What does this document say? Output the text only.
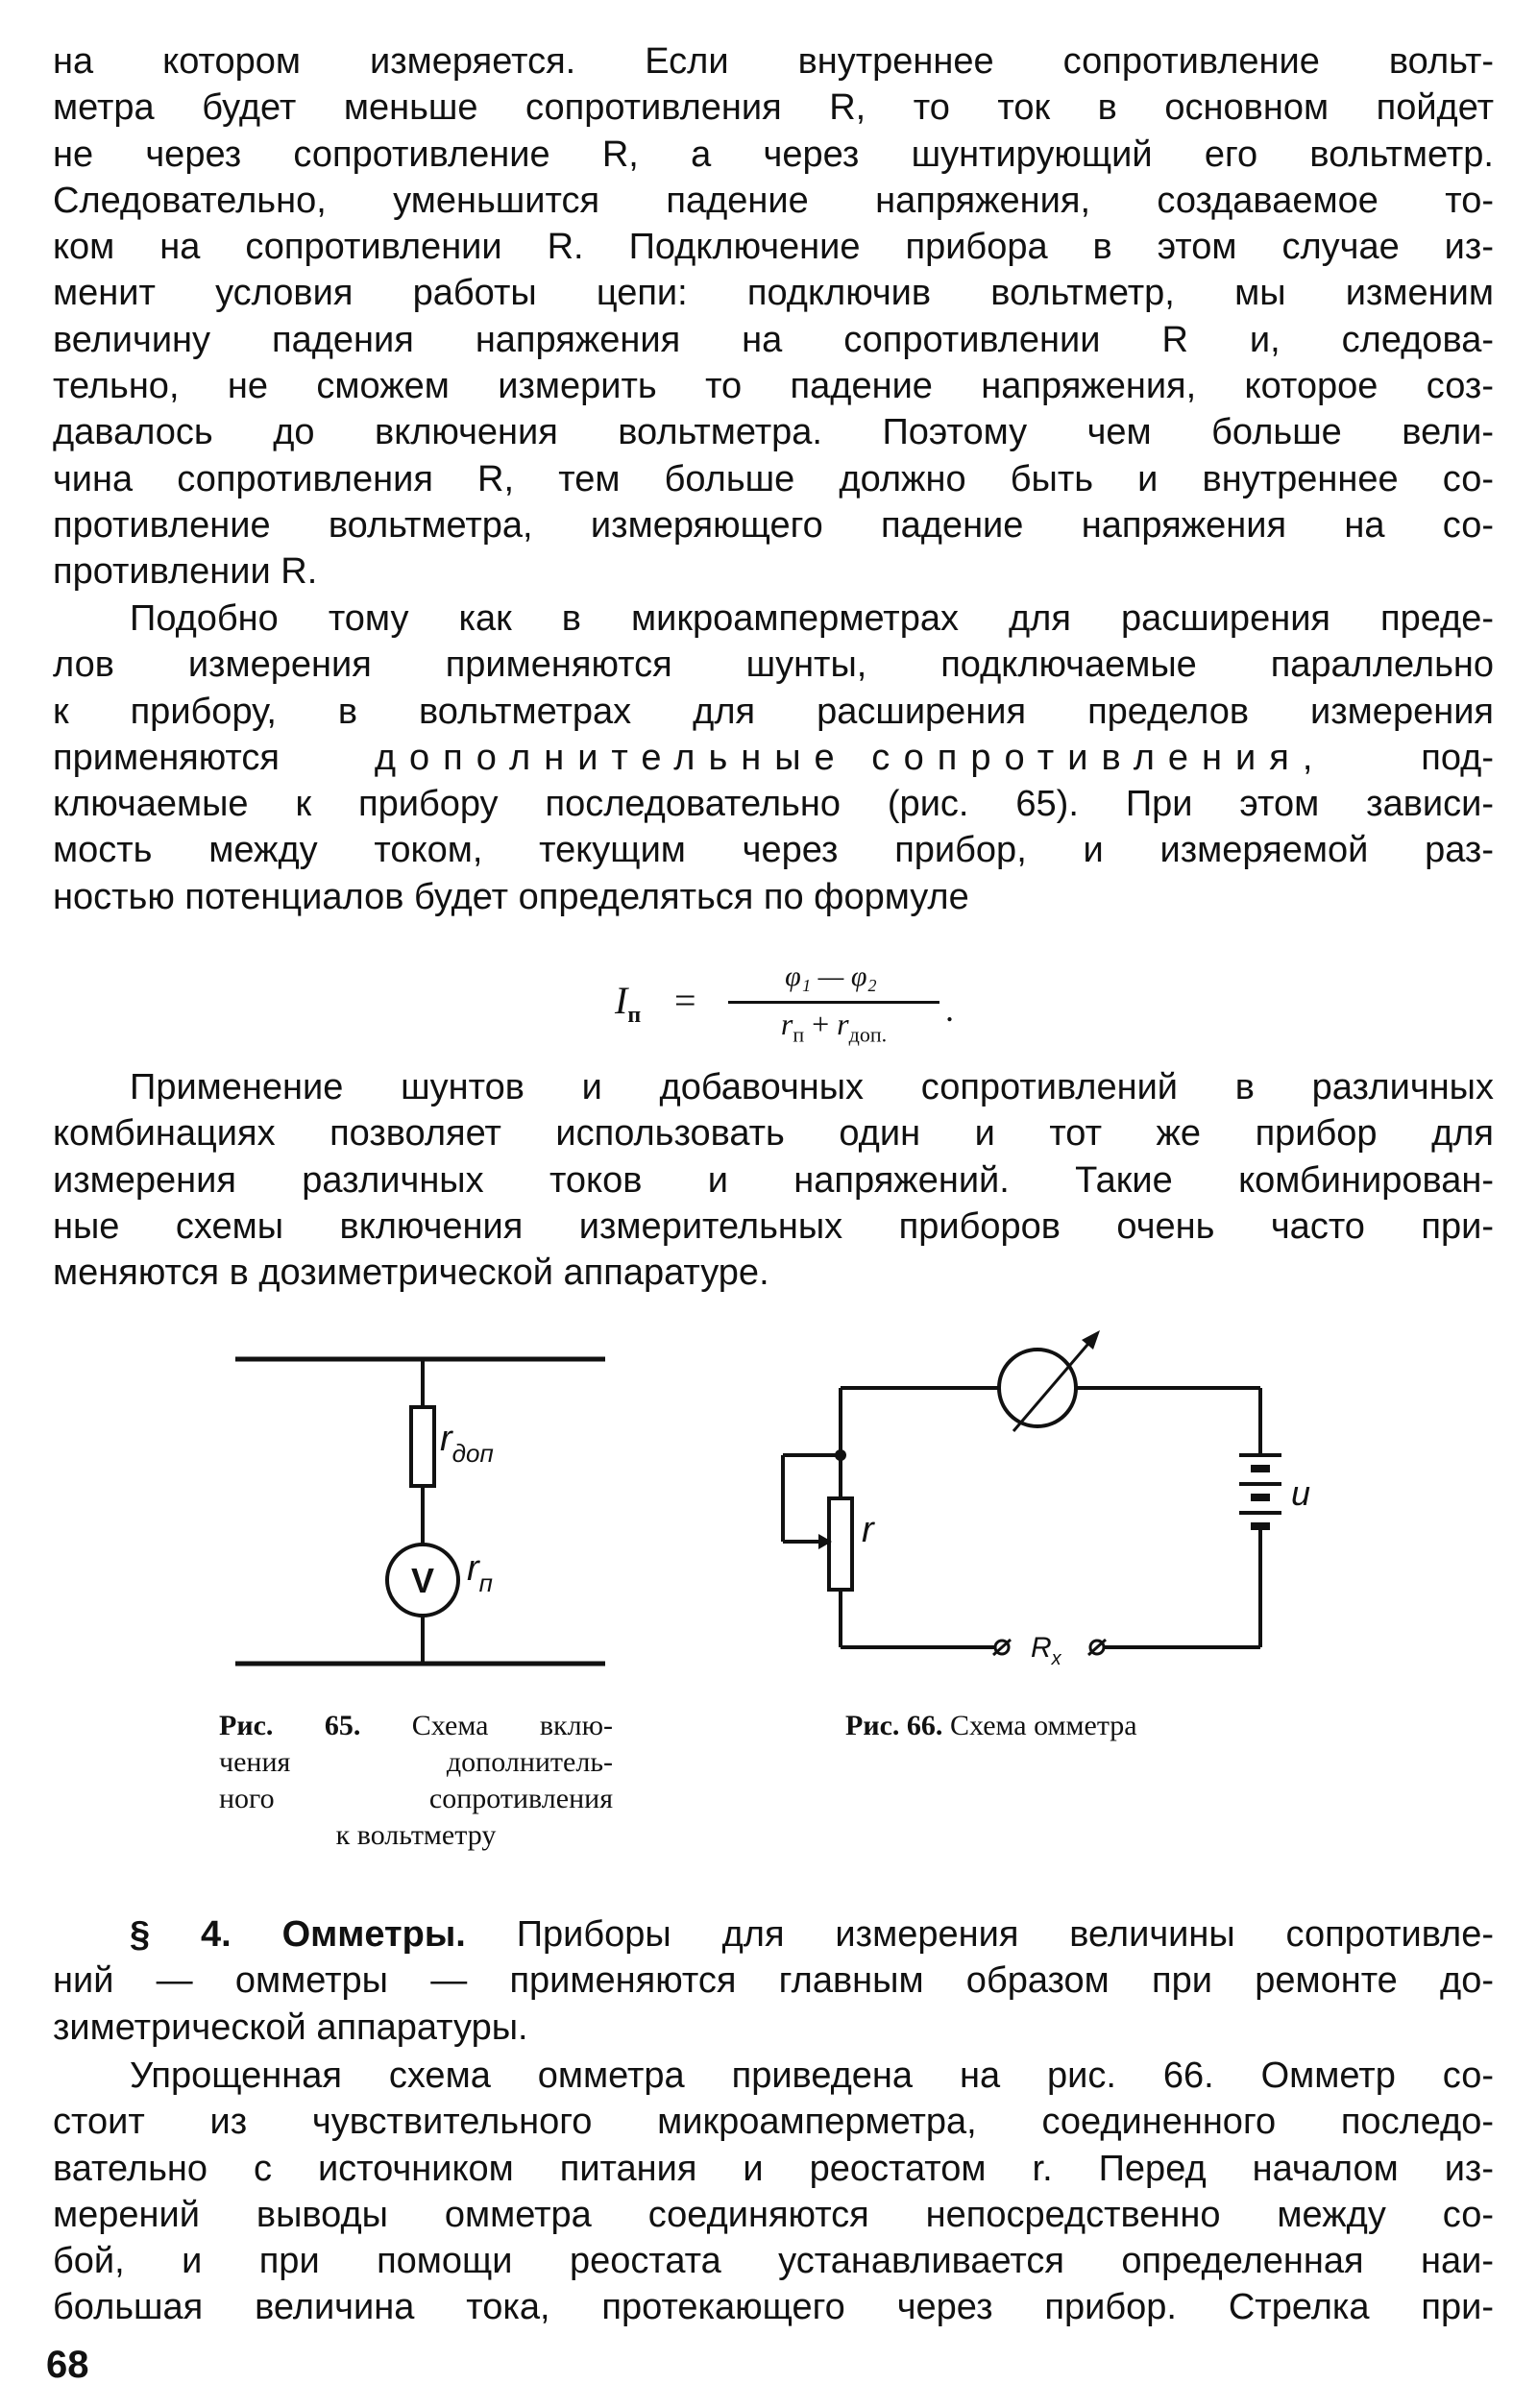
на котором измеряется. Если внутреннее сопротивление вольт-
метра будет меньше сопротивления R, то ток в основном пойдет
не через сопротивление R, а через шунтирующий его вольтметр.
Следовательно, уменьшится падение напряжения, создаваемое то-
ком на сопротивлении R. Подключение прибора в этом случае из-
менит условия работы цепи: подключив вольтметр, мы изменим
величину падения напряжения на сопротивлении R и, следова-
тельно, не сможем измерить то падение напряжения, которое соз-
давалось до включения вольтметра. Поэтому чем больше вели-
чина сопротивления R, тем больше должно быть и внутреннее со-
противление вольтметра, измеряющего падение напряжения на со-
противлении R.
Подобно тому как в микроамперметрах для расширения преде-
лов измерения применяются шунты, подключаемые параллельно
к прибору, в вольтметрах для расширения пределов измерения
применяются	дополнительные сопротивления,	под-
ключаемые к прибору последовательно (рис. 65). При этом зависи-
мость между током, текущим через прибор, и измеряемой раз-
ностью потенциалов будет определяться по формуле
$I_п$ =
φ₁ — φ₂
$r_п + r_{доп.}$
.
Применение шунтов и добавочных сопротивлений в различных
комбинациях позволяет использовать один и тот же прибор для
измерения различных токов и напряжений. Такие комбинирован-
ные схемы включения измерительных приборов очень часто при-
меняются в дозиметрической аппаратуре.
V
$r_{доп}$
$r_п$
r
u
$R_x$
Рис. 65. Схема вклю-
чения дополнитель-
ного сопротивления
к вольтметру
Рис. 66. Схема омметра
§ 4. Омметры. Приборы для измерения величины сопротивле-
ний — омметры — применяются главным образом при ремонте до-
зиметрической аппаратуры.
Упрощенная схема омметра приведена на рис. 66. Омметр со-
стоит из чувствительного микроамперметра, соединенного последо-
вательно с источником питания и реостатом r. Перед началом из-
мерений выводы омметра соединяются непосредственно между со-
бой, и при помощи реостата устанавливается определенная наи-
большая величина тока, протекающего через прибор. Стрелка при-
68
